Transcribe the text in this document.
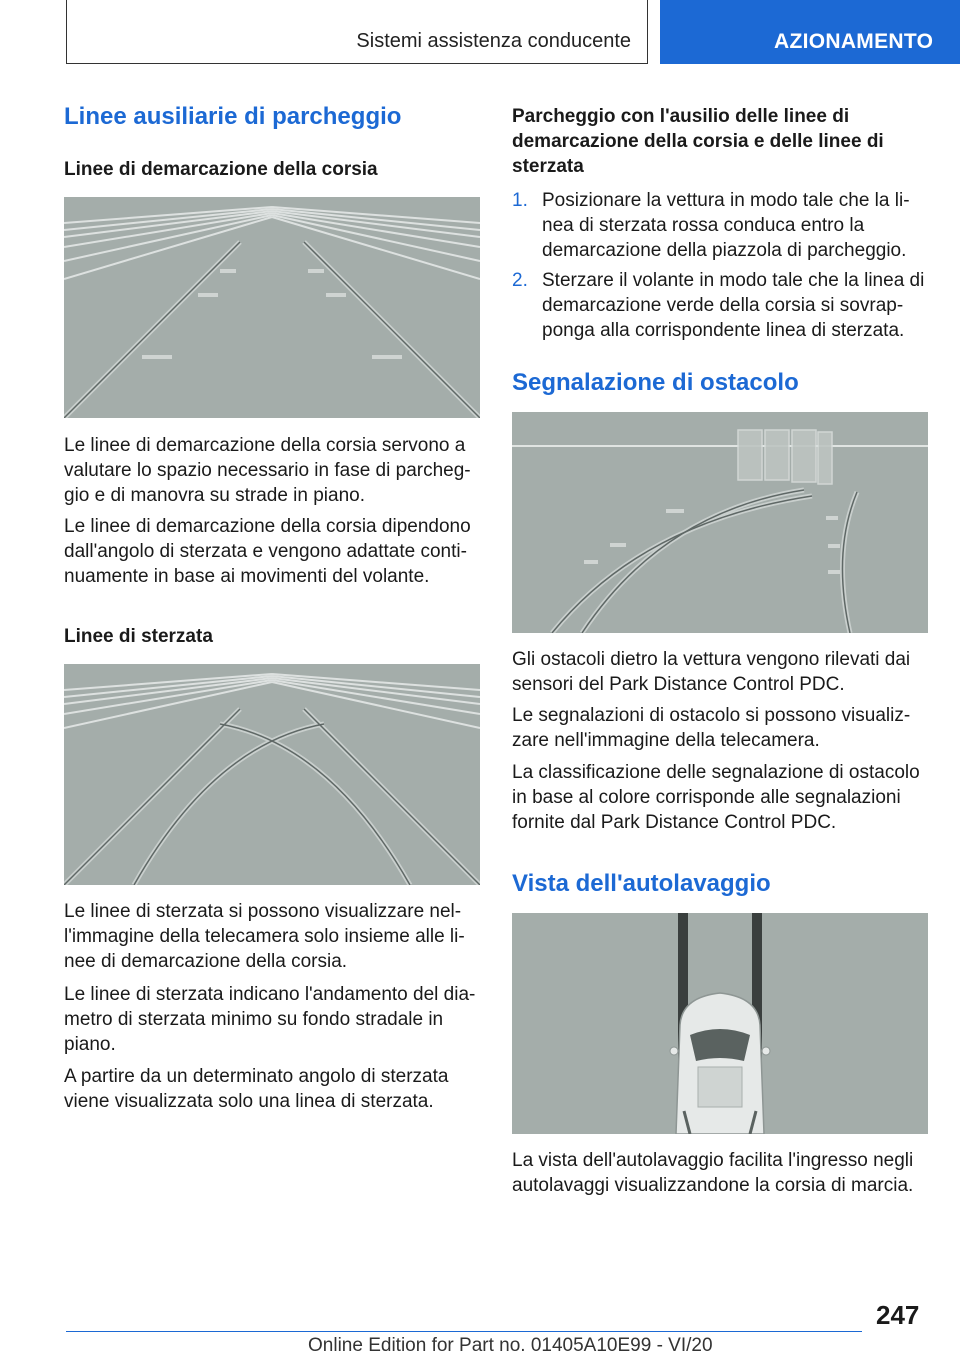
Sistemi assistenza conducente	AZIONAMENTO
Linee ausiliarie di parcheggio
Linee di demarcazione della corsia
Le linee di demarcazione della corsia servono a valutare lo spazio necessario in fase di parcheggio e di manovra su strade in piano.
Le linee di demarcazione della corsia dipendono dall'angolo di sterzata e vengono adattate continuamente in base ai movimenti del volante.
Linee di sterzata
Le linee di sterzata si possono visualizzare nell'immagine della telecamera solo insieme alle linee di demarcazione della corsia.
Le linee di sterzata indicano l'andamento del diametro di sterzata minimo su fondo stradale in piano.
A partire da un determinato angolo di sterzata viene visualizzata solo una linea di sterzata.
Parcheggio con l'ausilio delle linee di demarcazione della corsia e delle linee di sterzata
1. Posizionare la vettura in modo tale che la linea di sterzata rossa conduca entro la demarcazione della piazzola di parcheggio.
2. Sterzare il volante in modo tale che la linea di demarcazione verde della corsia si sovrapponga alla corrispondente linea di sterzata.
Segnalazione di ostacolo
Gli ostacoli dietro la vettura vengono rilevati dai sensori del Park Distance Control PDC.
Le segnalazioni di ostacolo si possono visualizzare nell'immagine della telecamera.
La classificazione delle segnalazione di ostacolo in base al colore corrisponde alle segnalazioni fornite dal Park Distance Control PDC.
Vista dell'autolavaggio
La vista dell'autolavaggio facilita l'ingresso negli autolavaggi visualizzandone la corsia di marcia.
247
Online Edition for Part no. 01405A10E99 - VI/20
